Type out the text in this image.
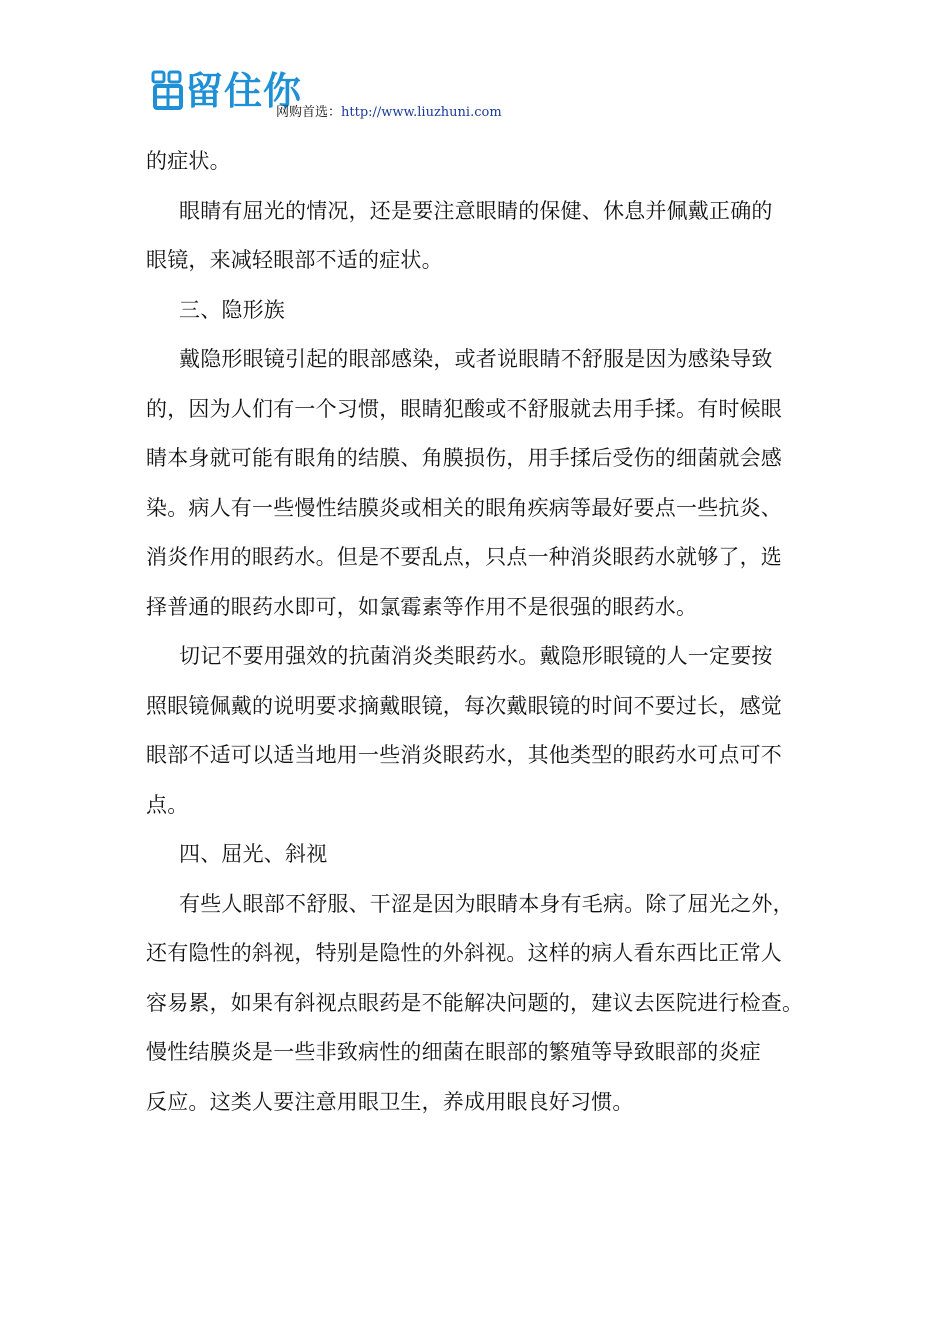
留住你
网购首选：http://www.liuzhuni.com
的症状。
眼睛有屈光的情况，还是要注意眼睛的保健、休息并佩戴正确的
眼镜，来减轻眼部不适的症状。
三、隐形族
戴隐形眼镜引起的眼部感染，或者说眼睛不舒服是因为感染导致
的，因为人们有一个习惯，眼睛犯酸或不舒服就去用手揉。有时候眼
睛本身就可能有眼角的结膜、角膜损伤，用手揉后受伤的细菌就会感
染。病人有一些慢性结膜炎或相关的眼角疾病等最好要点一些抗炎、
消炎作用的眼药水。但是不要乱点，只点一种消炎眼药水就够了，选
择普通的眼药水即可，如氯霉素等作用不是很强的眼药水。
切记不要用强效的抗菌消炎类眼药水。戴隐形眼镜的人一定要按
照眼镜佩戴的说明要求摘戴眼镜，每次戴眼镜的时间不要过长，感觉
眼部不适可以适当地用一些消炎眼药水，其他类型的眼药水可点可不
点。
四、屈光、斜视
有些人眼部不舒服、干涩是因为眼睛本身有毛病。除了屈光之外，
还有隐性的斜视，特别是隐性的外斜视。这样的病人看东西比正常人
容易累，如果有斜视点眼药是不能解决问题的，建议去医院进行检查。
慢性结膜炎是一些非致病性的细菌在眼部的繁殖等导致眼部的炎症
反应。这类人要注意用眼卫生，养成用眼良好习惯。
